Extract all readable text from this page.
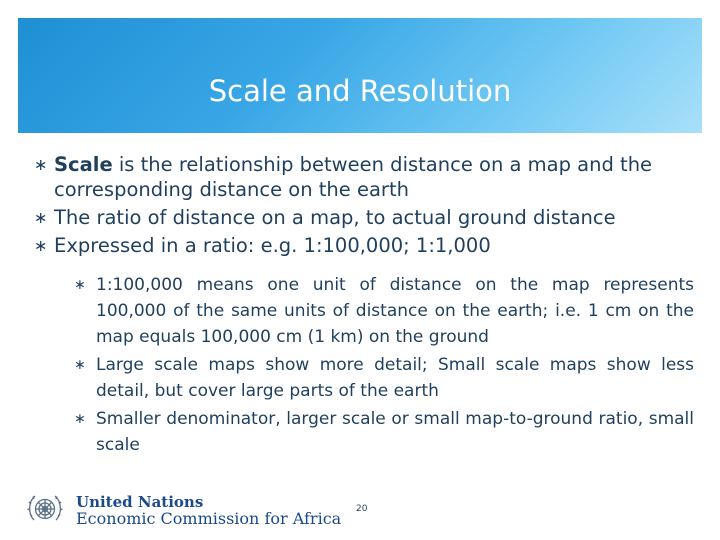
Scale and Resolution
∗ Scale is the relationship between distance on a map and the corresponding distance on the earth
∗ The ratio of distance on a map, to actual ground distance
∗ Expressed in a ratio: e.g. 1:100,000; 1:1,000
∗ 1:100,000 means one unit of distance on the map represents 100,000 of the same units of distance on the earth; i.e. 1 cm on the map equals 100,000 cm (1 km) on the ground
∗ Large scale maps show more detail; Small scale maps show less detail, but cover large parts of the earth
∗ Smaller denominator, larger scale or small map-to-ground ratio, small scale
United Nations
Economic Commission for Africa 20
